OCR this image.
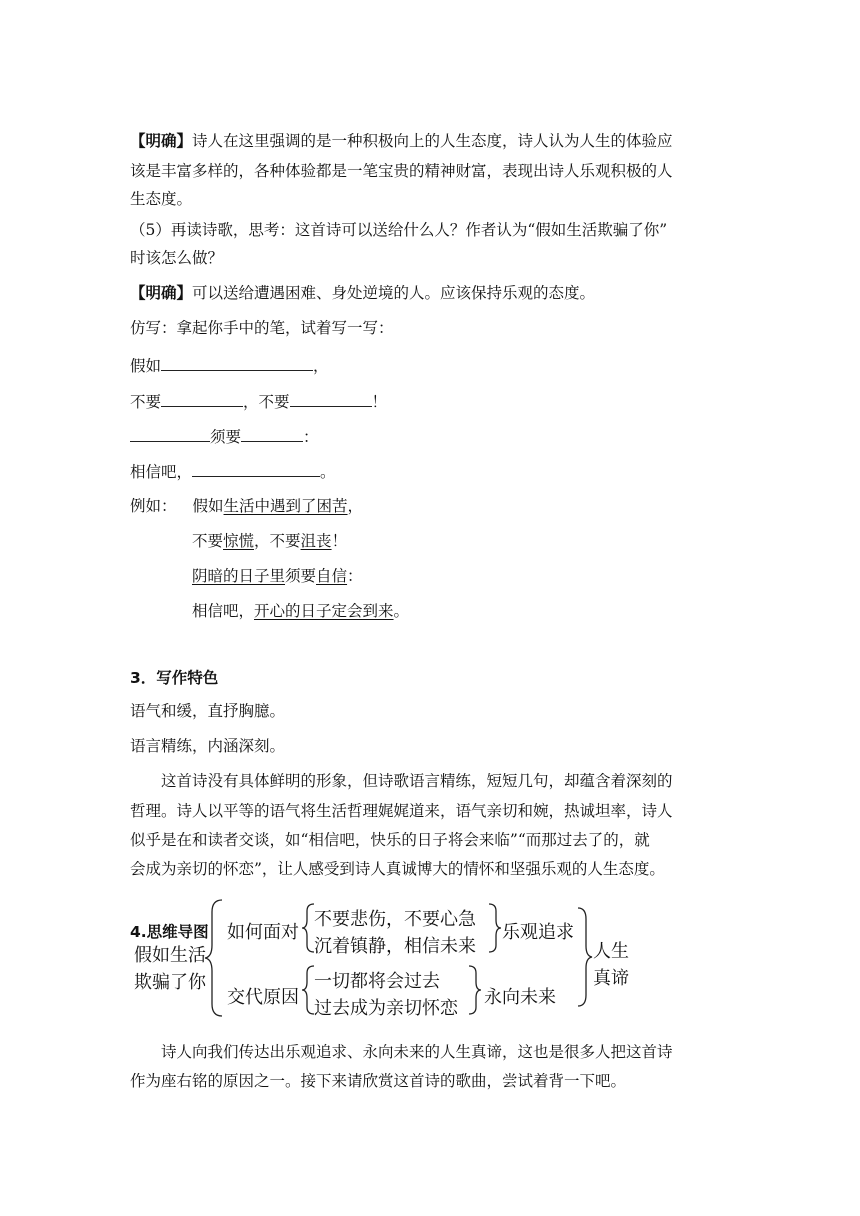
【明确】诗人在这里强调的是一种积极向上的人生态度，诗人认为人生的体验应
该是丰富多样的，各种体验都是一笔宝贵的精神财富，表现出诗人乐观积极的人
生态度。
（5）再读诗歌，思考：这首诗可以送给什么人？作者认为“假如生活欺骗了你”
时该怎么做？
【明确】可以送给遭遇困难、身处逆境的人。应该保持乐观的态度。
仿写：拿起你手中的笔，试着写一写：
假如	，
不要	，不要	！
须要	：
相信吧，	。
例如： 假如生活中遇到了困苦，
不要惊慌，不要沮丧！
阴暗的日子里须要自信：
相信吧，开心的日子定会到来。
3．写作特色
语气和缓，直抒胸臆。
语言精练，内涵深刻。
这首诗没有具体鲜明的形象，但诗歌语言精练，短短几句，却蕴含着深刻的
哲理。诗人以平等的语气将生活哲理娓娓道来，语气亲切和婉，热诚坦率，诗人
似乎是在和读者交谈，如“相信吧，快乐的日子将会来临”“而那过去了的，就
会成为亲切的怀恋”，让人感受到诗人真诚博大的情怀和坚强乐观的人生态度。
4.思维导图
假如生活
欺骗了你
如何面对
交代原因
不要悲伤，不要心急
沉着镇静，相信未来
一切都将会过去
过去成为亲切怀恋
乐观追求
永向未来
人生
真谛
诗人向我们传达出乐观追求、永向未来的人生真谛，这也是很多人把这首诗
作为座右铭的原因之一。接下来请欣赏这首诗的歌曲，尝试着背一下吧。
